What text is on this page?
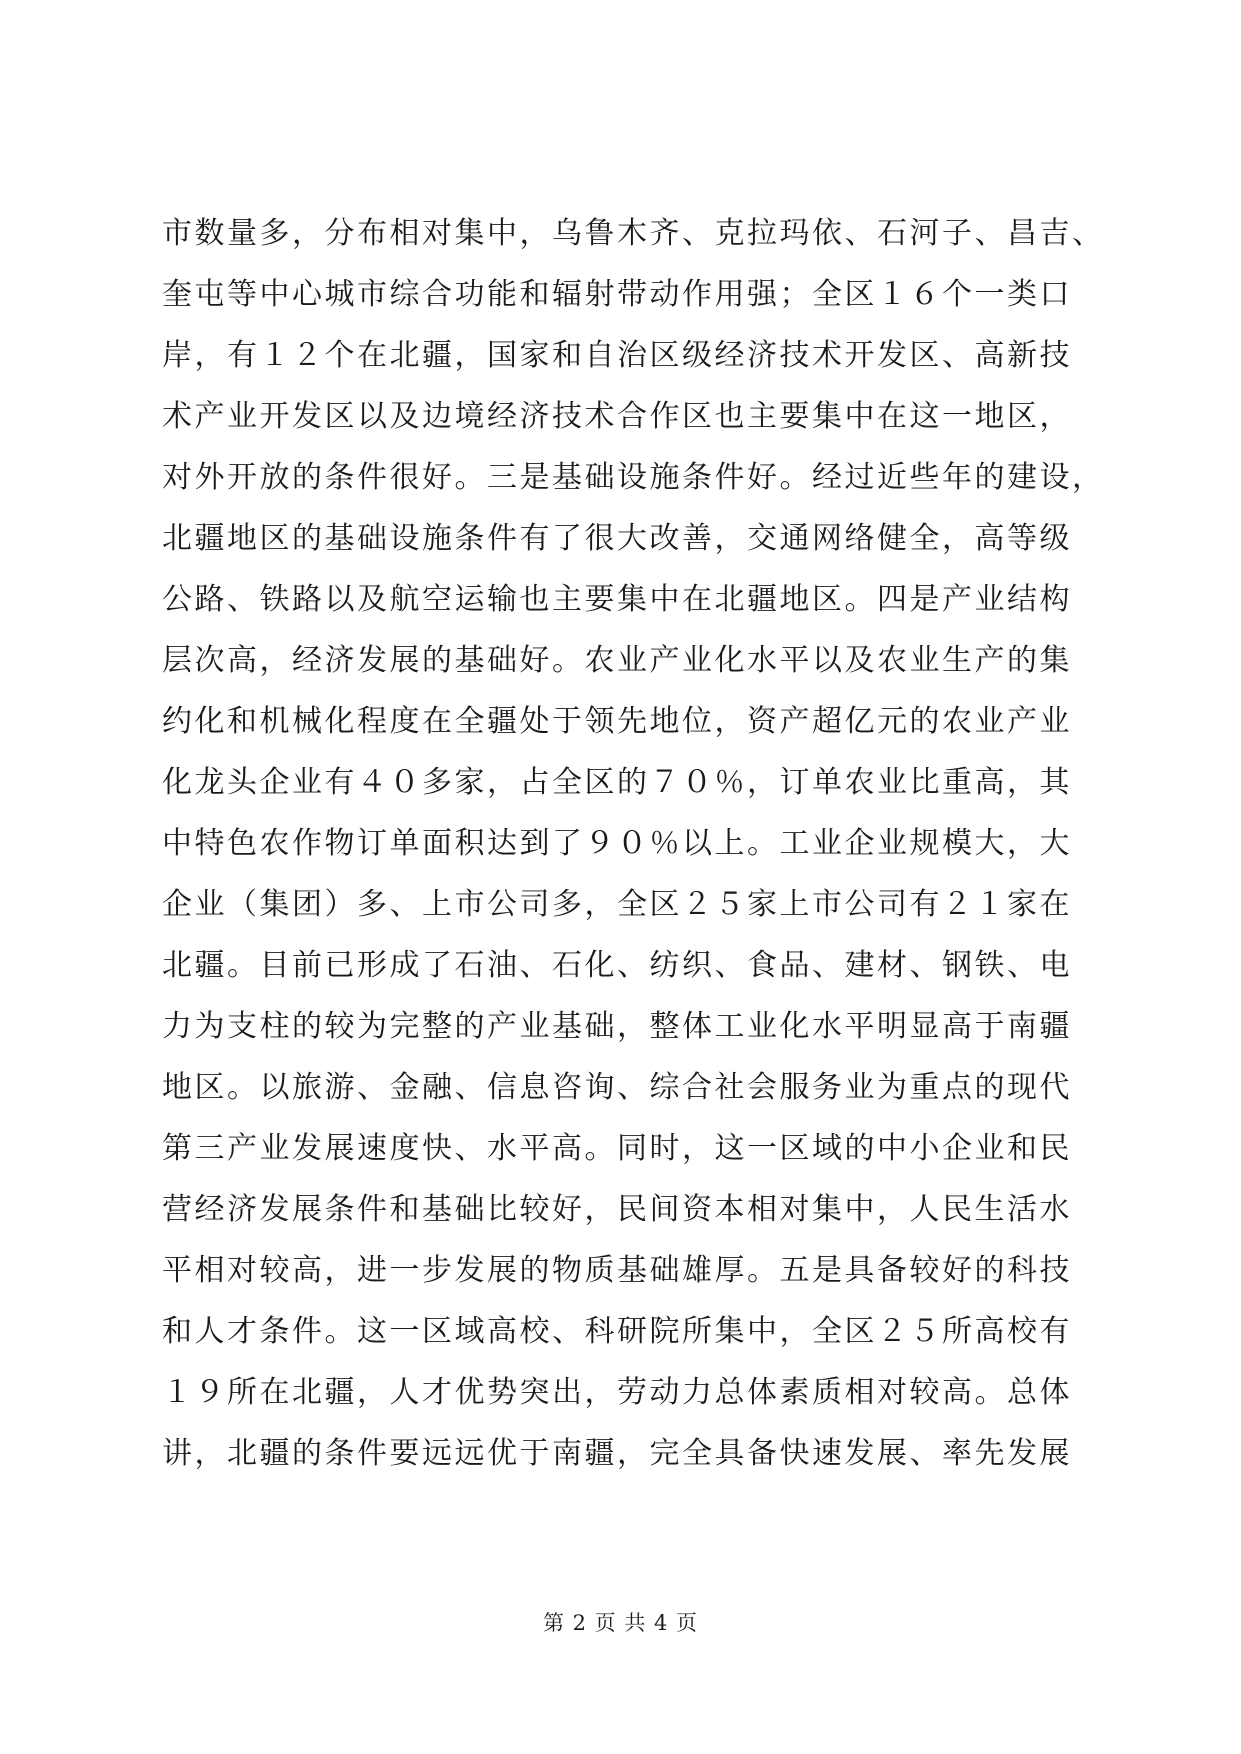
市数量多，分布相对集中，乌鲁木齐、克拉玛依、石河子、昌吉、
奎屯等中心城市综合功能和辐射带动作用强；全区１６个一类口
岸，有１２个在北疆，国家和自治区级经济技术开发区、高新技
术产业开发区以及边境经济技术合作区也主要集中在这一地区，
对外开放的条件很好。三是基础设施条件好。经过近些年的建设，
北疆地区的基础设施条件有了很大改善，交通网络健全，高等级
公路、铁路以及航空运输也主要集中在北疆地区。四是产业结构
层次高，经济发展的基础好。农业产业化水平以及农业生产的集
约化和机械化程度在全疆处于领先地位，资产超亿元的农业产业
化龙头企业有４０多家，占全区的７０％，订单农业比重高，其
中特色农作物订单面积达到了９０％以上。工业企业规模大，大
企业（集团）多、上市公司多，全区２５家上市公司有２１家在
北疆。目前已形成了石油、石化、纺织、食品、建材、钢铁、电
力为支柱的较为完整的产业基础，整体工业化水平明显高于南疆
地区。以旅游、金融、信息咨询、综合社会服务业为重点的现代
第三产业发展速度快、水平高。同时，这一区域的中小企业和民
营经济发展条件和基础比较好，民间资本相对集中，人民生活水
平相对较高，进一步发展的物质基础雄厚。五是具备较好的科技
和人才条件。这一区域高校、科研院所集中，全区２５所高校有
１９所在北疆，人才优势突出，劳动力总体素质相对较高。总体
讲，北疆的条件要远远优于南疆，完全具备快速发展、率先发展
第 2 页 共 4 页
